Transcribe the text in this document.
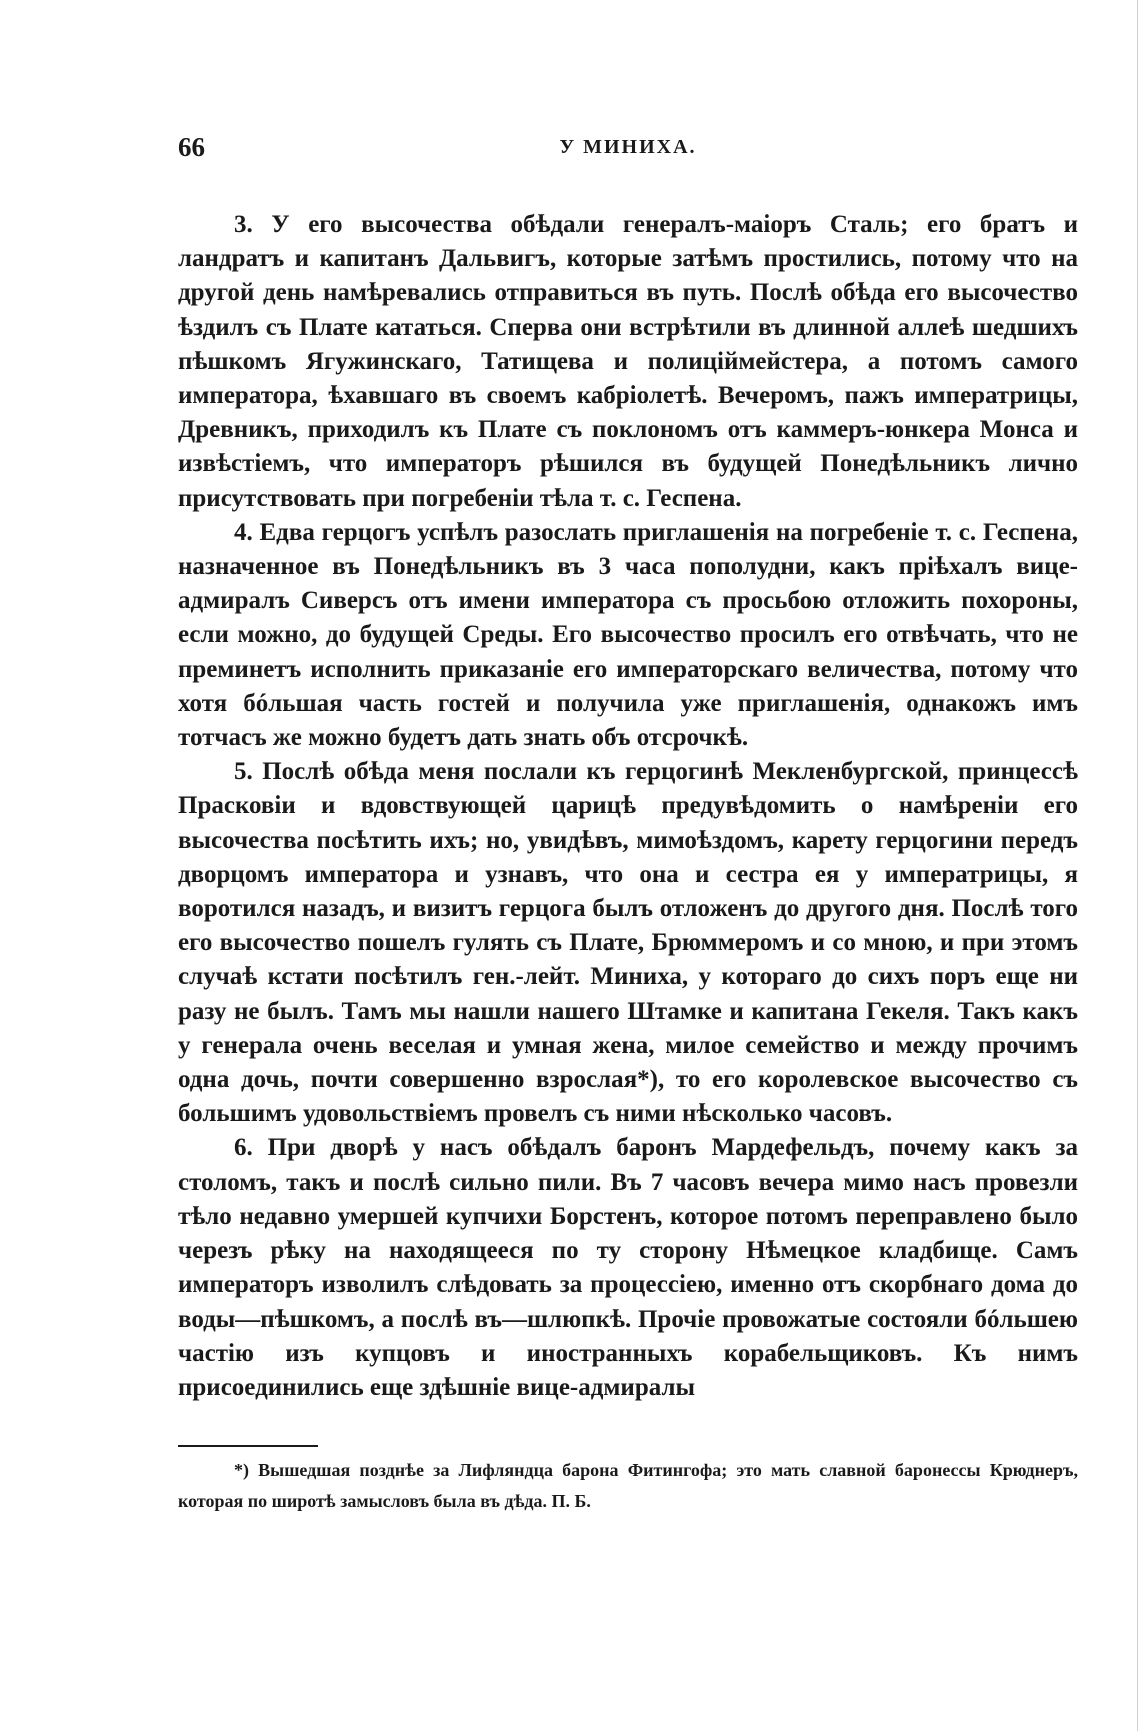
66	У МИНИХА.

3. У его высочества обѣдали генералъ-маіоръ Сталь; его братъ и ландратъ и капитанъ Дальвигъ, которые затѣмъ простились, потому что на другой день намѣревались отправиться въ путь. Послѣ обѣда его высочество ѣздилъ съ Плате кататься. Сперва они встрѣтили въ длинной аллеѣ шедшихъ пѣшкомъ Ягужинскаго, Татищева и полицiймейстера, а потомъ самого императора, ѣхавшаго въ своемъ кабріолетѣ. Вечеромъ, пажъ императрицы, Древникъ, приходилъ къ Плате съ поклономъ отъ каммеръ-юнкера Монса и извѣстіемъ, что императоръ рѣшился въ будущей Понедѣльникъ лично присутствовать при погребеніи тѣла т. с. Геспена.

4. Едва герцогъ успѣлъ разослать приглашенія на погребеніе т. с. Геспена, назначенное въ Понедѣльникъ въ 3 часа пополудни, какъ пріѣхалъ вице-адмиралъ Сиверсъ отъ имени императора съ просьбою отложить похороны, если можно, до будущей Среды. Его высочество просилъ его отвѣчать, что не преминетъ исполнить приказаніе его императорскаго величества, потому что хотя бóльшая часть гостей и получила уже приглашенія, однакожъ имъ тотчасъ же можно будетъ дать знать объ отсрочкѣ.

5. Послѣ обѣда меня послали къ герцогинѣ Мекленбургской, принцессѣ Прасковіи и вдовствующей царицѣ предувѣдомить о намѣреніи его высочества посѣтить ихъ; но, увидѣвъ, мимоѣздомъ, карету герцогини передъ дворцомъ императора и узнавъ, что она и сестра ея у императрицы, я воротился назадъ, и визитъ герцога былъ отложенъ до другого дня. Послѣ того его высочество пошелъ гулять съ Плате, Брюммеромъ и со мною, и при этомъ случаѣ кстати посѣтилъ ген.-лейт. Миниха, у котораго до сихъ поръ еще ни разу не былъ. Тамъ мы нашли нашего Штамке и капитана Гекеля. Такъ какъ у генерала очень веселая и умная жена, милое семейство и между прочимъ одна дочь, почти совершенно взрослая*), то его королевское высочество съ большимъ удовольствіемъ провелъ съ ними нѣсколько часовъ.

6. При дворѣ у насъ обѣдалъ баронъ Мардефельдъ, почему какъ за столомъ, такъ и послѣ сильно пили. Въ 7 часовъ вечера мимо насъ провезли тѣло недавно умершей купчихи Борстенъ, которое потомъ переправлено было черезъ рѣку на находящееся по ту сторону Нѣмецкое кладбище. Самъ императоръ изволилъ слѣдовать за процессіею, именно отъ скорбнаго дома до воды—пѣшкомъ, а послѣ въ—шлюпкѣ. Прочіе провожатые состояли бóльшею частію изъ купцовъ и иностранныхъ корабельщиковъ. Къ нимъ присоединились еще здѣшніе вице-адмиралы

*) Вышедшая позднѣе за Лифляндца барона Фитингофа; это мать славной баронессы Крюднеръ, которая по широтѣ замысловъ была въ дѣда. П. Б.
